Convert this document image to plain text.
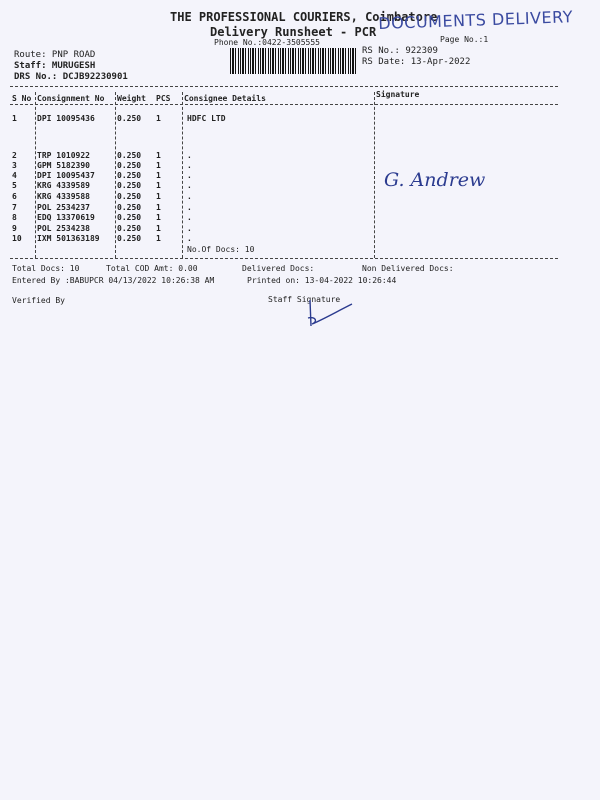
THE PROFESSIONAL COURIERS, Coimbatore
Delivery Runsheet - PCR
Phone No.:0422-3505555
DOCUMENTS DELIVERY
Page No.:1
Route: PNP ROAD
Staff: MURUGESH
DRS No.: DCJB92230901
RS No.: 922309
RS Date: 13-Apr-2022
S No Consignment No Weight PCS Consignee Details	Signature
1	DPI 10095436	0.250 1	HDFC LTD
2	TRP 1010922	0.250 1	.
3	GPM 5182390	0.250 1	.
4	DPI 10095437	0.250 1	.
5	KRG 4339589	0.250 1	.
6	KRG 4339588	0.250 1	.
7	POL 2534237	0.250 1	.
8	EDQ 13370619	0.250 1	.
9	POL 2534238	0.250 1	.
10 IXM 501363189 0.250 1	.
No.Of Docs: 10
G. Andrew
Total Docs: 10	Total COD Amt: 0.00	Delivered Docs:	Non Delivered Docs:
Entered By :BABUPCR 04/13/2022 10:26:38 AM	Printed on: 13-04-2022 10:26:44
Verified By	Staff Signature
